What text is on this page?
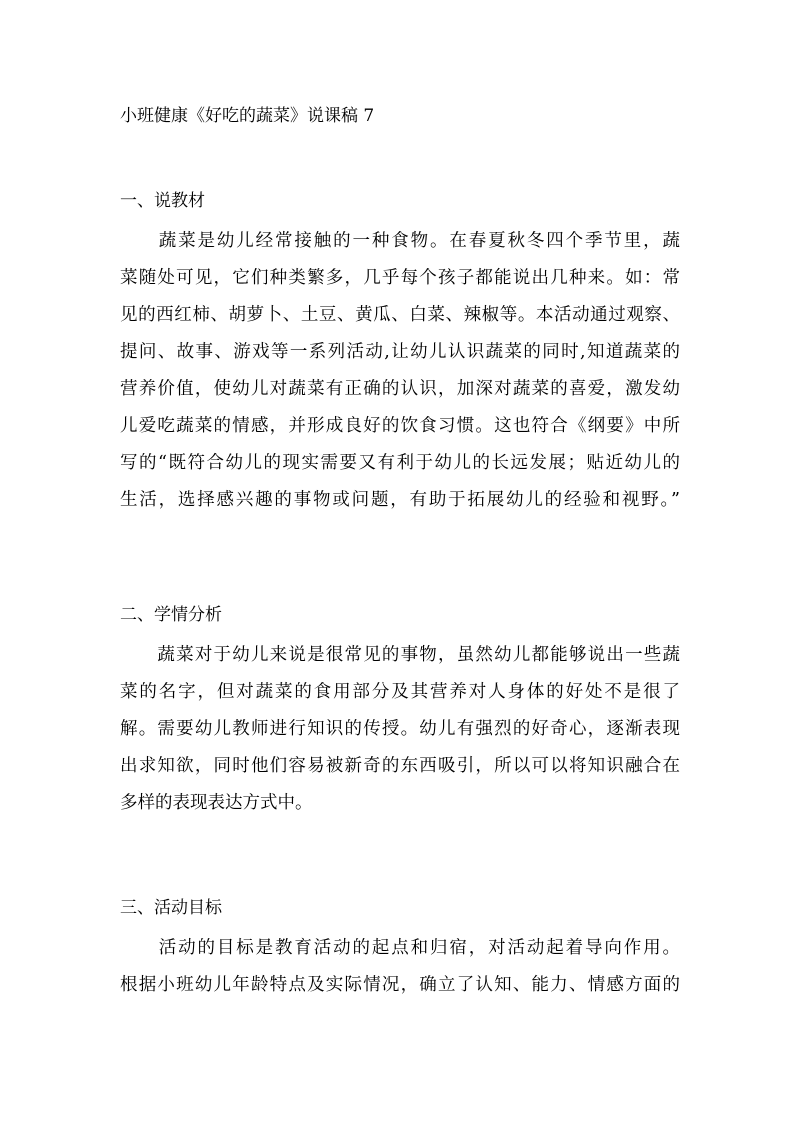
小班健康《好吃的蔬菜》说课稿 7
一、说教材
　　蔬菜是幼儿经常接触的一种食物。在春夏秋冬四个季节里，蔬
菜随处可见，它们种类繁多，几乎每个孩子都能说出几种来。如：常
见的西红柿、胡萝卜、土豆、黄瓜、白菜、辣椒等。本活动通过观察、
提问、故事、游戏等一系列活动,让幼儿认识蔬菜的同时,知道蔬菜的
营养价值，使幼儿对蔬菜有正确的认识，加深对蔬菜的喜爱，激发幼
儿爱吃蔬菜的情感，并形成良好的饮食习惯。这也符合《纲要》中所
写的“既符合幼儿的现实需要又有利于幼儿的长远发展；贴近幼儿的
生活，选择感兴趣的事物或问题，有助于拓展幼儿的经验和视野。”
二、学情分析
　　蔬菜对于幼儿来说是很常见的事物，虽然幼儿都能够说出一些蔬
菜的名字，但对蔬菜的食用部分及其营养对人身体的好处不是很了
解。需要幼儿教师进行知识的传授。幼儿有强烈的好奇心，逐渐表现
出求知欲，同时他们容易被新奇的东西吸引，所以可以将知识融合在
多样的表现表达方式中。
三、活动目标
　　活动的目标是教育活动的起点和归宿，对活动起着导向作用。
根据小班幼儿年龄特点及实际情况，确立了认知、能力、情感方面的
